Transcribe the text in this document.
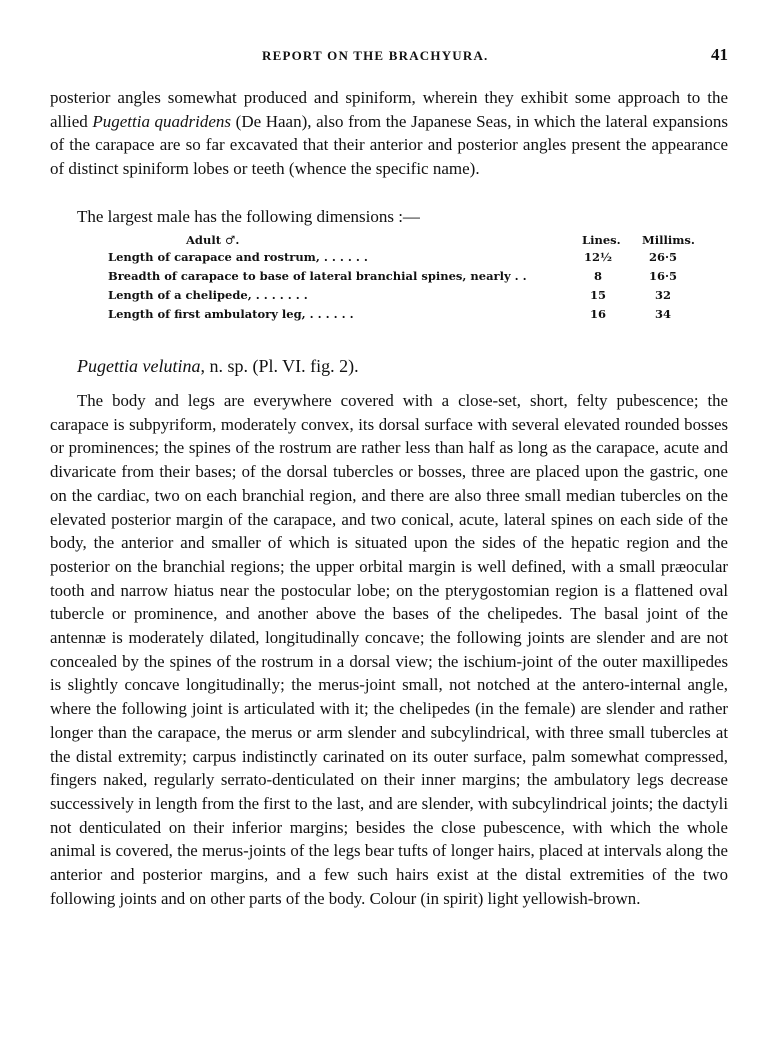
REPORT ON THE BRACHYURA.	41

posterior angles somewhat produced and spiniform, wherein they exhibit some approach to the allied Pugettia quadridens (De Haan), also from the Japanese Seas, in which the lateral expansions of the carapace are so far excavated that their anterior and posterior angles present the appearance of distinct spiniform lobes or teeth (whence the specific name).

The largest male has the following dimensions :—

Adult ♂.	Lines. Millims.
Length of carapace and rostrum, . . . . . .	12½	26·5
Breadth of carapace to base of lateral branchial spines, nearly . .	8	16·5
Length of a chelipede, . . . . . . .	15	32
Length of first ambulatory leg, . . . . . .	16	34
Pugettia velutina, n. sp. (Pl. VI. fig. 2).

The body and legs are everywhere covered with a close-set, short, felty pubescence; the carapace is subpyriform, moderately convex, its dorsal surface with several elevated rounded bosses or prominences; the spines of the rostrum are rather less than half as long as the carapace, acute and divaricate from their bases; of the dorsal tubercles or bosses, three are placed upon the gastric, one on the cardiac, two on each branchial region, and there are also three small median tubercles on the elevated posterior margin of the carapace, and two conical, acute, lateral spines on each side of the body, the anterior and smaller of which is situated upon the sides of the hepatic region and the posterior on the branchial regions; the upper orbital margin is well defined, with a small præocular tooth and narrow hiatus near the postocular lobe; on the pterygostomian region is a flattened oval tubercle or prominence, and another above the bases of the chelipedes. The basal joint of the antennæ is moderately dilated, longitudinally concave; the following joints are slender and are not concealed by the spines of the rostrum in a dorsal view; the ischium-joint of the outer maxillipedes is slightly concave longitudinally; the merus-joint small, not notched at the antero-internal angle, where the following joint is articulated with it; the chelipedes (in the female) are slender and rather longer than the carapace, the merus or arm slender and subcylindrical, with three small tubercles at the distal extremity; carpus indistinctly carinated on its outer surface, palm somewhat compressed, fingers naked, regularly serrato-denticulated on their inner margins; the ambulatory legs decrease successively in length from the first to the last, and are slender, with subcylindrical joints; the dactyli not denticulated on their inferior margins; besides the close pubescence, with which the whole animal is covered, the merus-joints of the legs bear tufts of longer hairs, placed at intervals along the anterior and posterior margins, and a few such hairs exist at the distal extremities of the two following joints and on other parts of the body. Colour (in spirit) light yellowish-brown.
